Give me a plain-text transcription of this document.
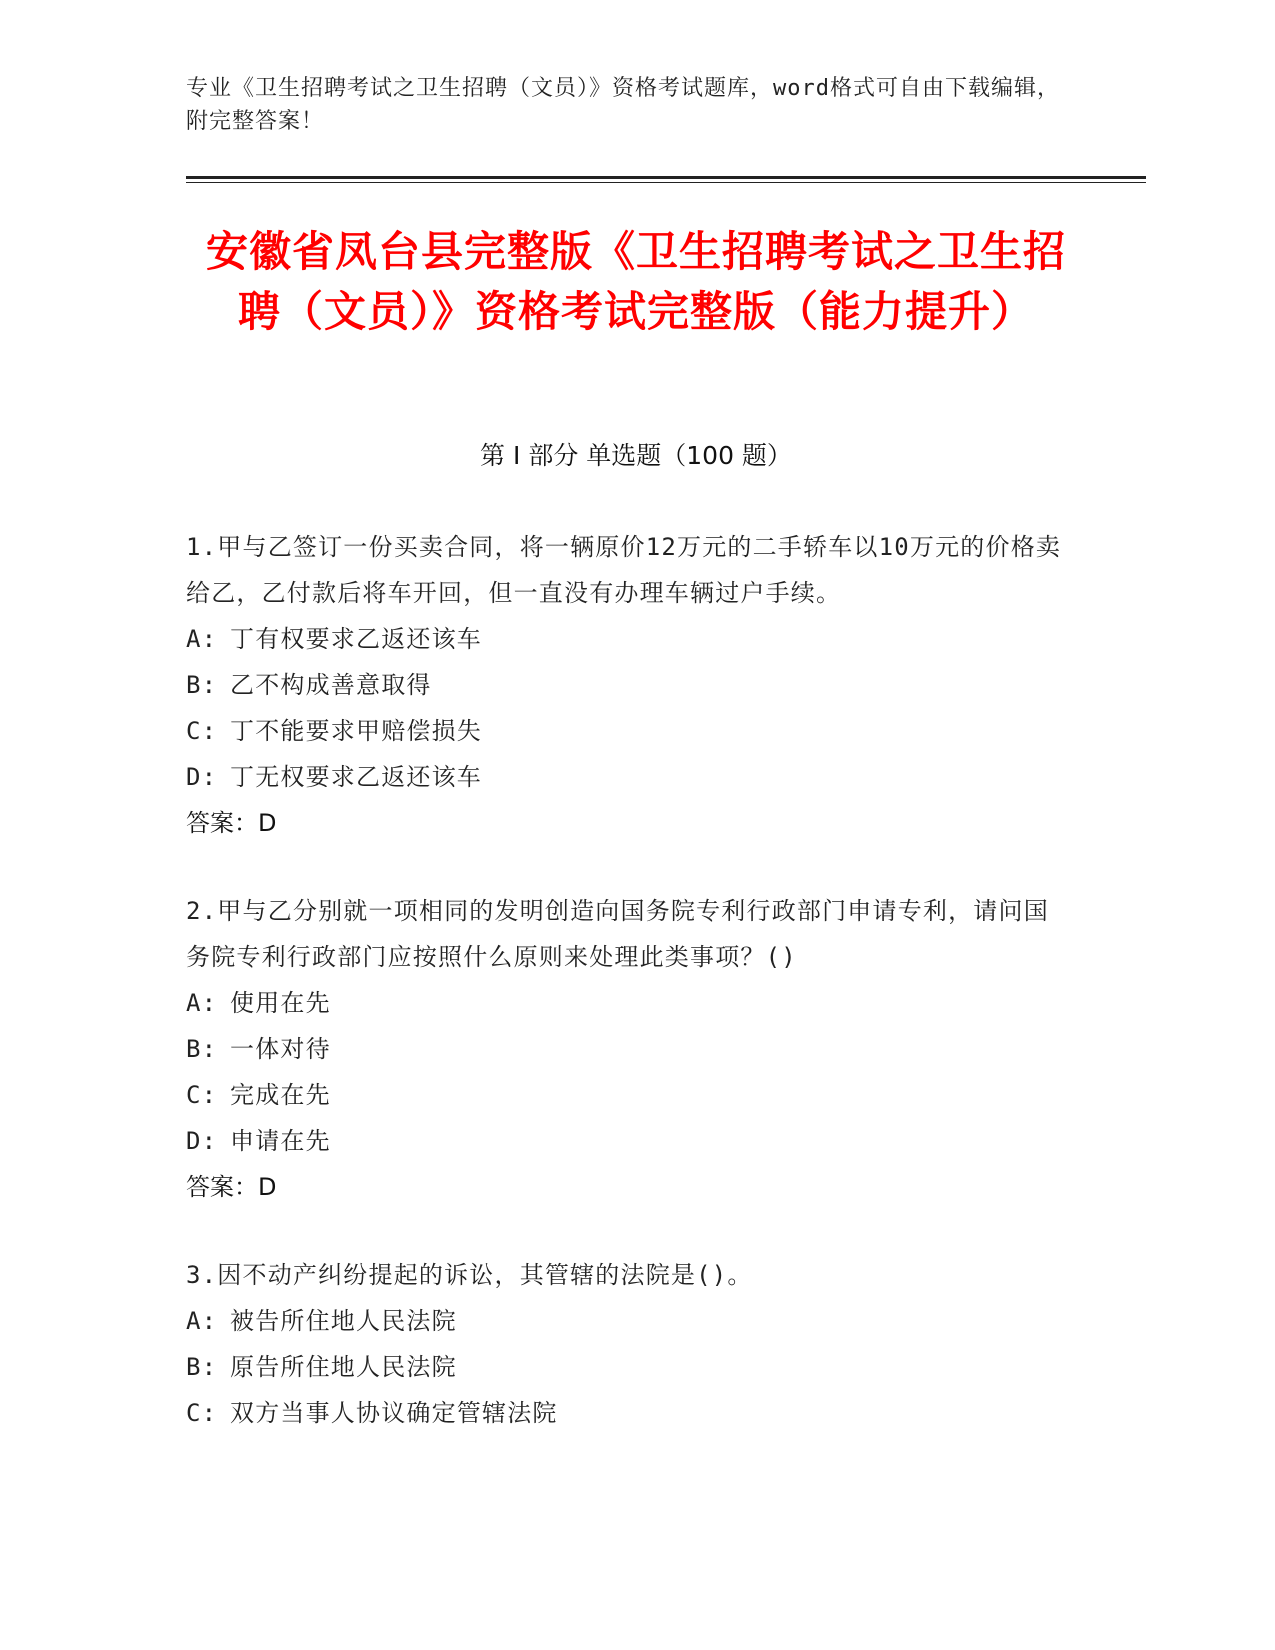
专业《卫生招聘考试之卫生招聘（文员）》资格考试题库，word格式可自由下载编辑，附完整答案！
安徽省凤台县完整版《卫生招聘考试之卫生招聘（文员）》资格考试完整版（能力提升）
第 I 部分 单选题（100 题）
1.甲与乙签订一份买卖合同，将一辆原价12万元的二手轿车以10万元的价格卖给乙，乙付款后将车开回，但一直没有办理车辆过户手续。
A: 丁有权要求乙返还该车
B: 乙不构成善意取得
C: 丁不能要求甲赔偿损失
D: 丁无权要求乙返还该车
答案：D
2.甲与乙分别就一项相同的发明创造向国务院专利行政部门申请专利，请问国务院专利行政部门应按照什么原则来处理此类事项？()
A: 使用在先
B: 一体对待
C: 完成在先
D: 申请在先
答案：D
3.因不动产纠纷提起的诉讼，其管辖的法院是()。
A: 被告所住地人民法院
B: 原告所住地人民法院
C: 双方当事人协议确定管辖法院
